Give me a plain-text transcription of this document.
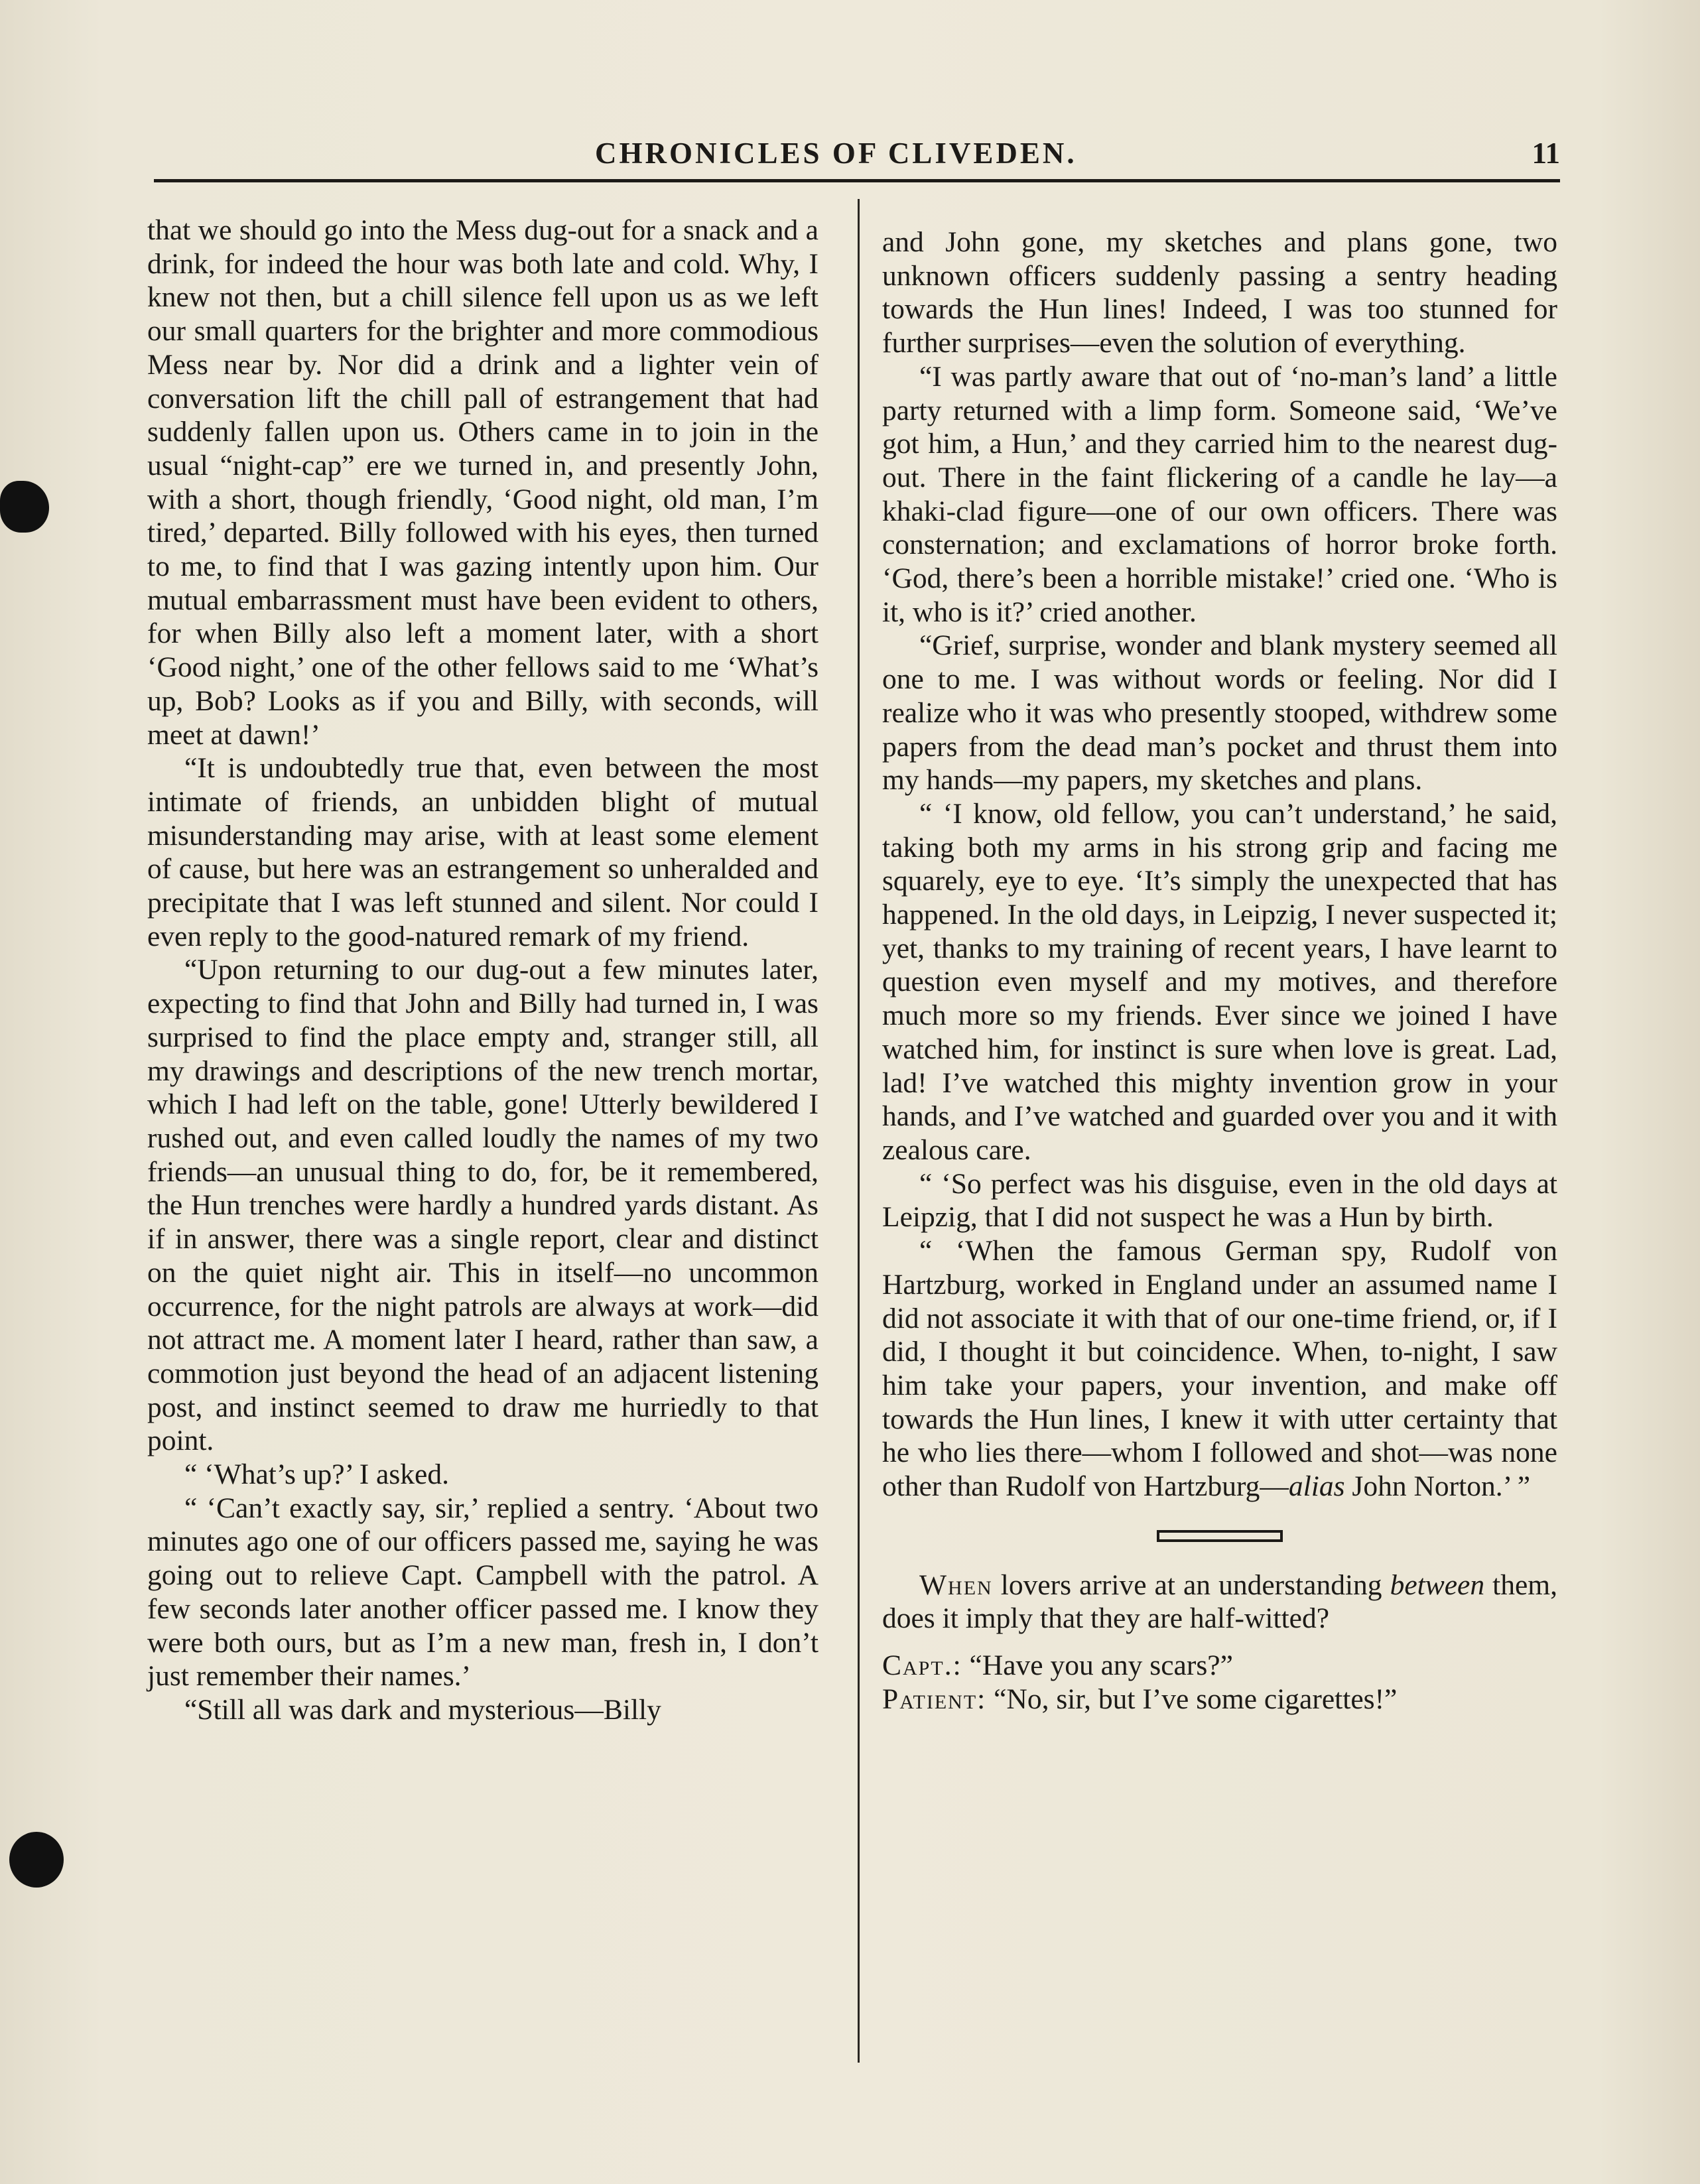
CHRONICLES OF CLIVEDEN.	11

that we should go into the Mess dug-out for a snack and a drink, for indeed the hour was both late and cold. Why, I knew not then, but a chill silence fell upon us as we left our small quarters for the brighter and more commodious Mess near by. Nor did a drink and a lighter vein of conversation lift the chill pall of estrangement that had suddenly fallen upon us. Others came in to join in the usual “night-cap” ere we turned in, and presently John, with a short, though friendly, ‘Good night, old man, I’m tired,’ departed. Billy followed with his eyes, then turned to me, to find that I was gazing intently upon him. Our mutual embarrassment must have been evident to others, for when Billy also left a moment later, with a short ‘Good night,’ one of the other fellows said to me ‘What’s up, Bob? Looks as if you and Billy, with seconds, will meet at dawn!’

“It is undoubtedly true that, even between the most intimate of friends, an unbidden blight of mutual misunderstanding may arise, with at least some element of cause, but here was an estrangement so unheralded and precipitate that I was left stunned and silent. Nor could I even reply to the good-natured remark of my friend.

“Upon returning to our dug-out a few minutes later, expecting to find that John and Billy had turned in, I was surprised to find the place empty and, stranger still, all my drawings and descriptions of the new trench mortar, which I had left on the table, gone! Utterly bewildered I rushed out, and even called loudly the names of my two friends—an unusual thing to do, for, be it remembered, the Hun trenches were hardly a hundred yards distant. As if in answer, there was a single report, clear and distinct on the quiet night air. This in itself—no uncommon occurrence, for the night patrols are always at work—did not attract me. A moment later I heard, rather than saw, a commotion just beyond the head of an adjacent listening post, and instinct seemed to draw me hurriedly to that point.

“ ‘What’s up?’ I asked.

“ ‘Can’t exactly say, sir,’ replied a sentry. ‘About two minutes ago one of our officers passed me, saying he was going out to relieve Capt. Campbell with the patrol. A few seconds later another officer passed me. I know they were both ours, but as I’m a new man, fresh in, I don’t just remember their names.’

“Still all was dark and mysterious—Billy

and John gone, my sketches and plans gone, two unknown officers suddenly passing a sentry heading towards the Hun lines! Indeed, I was too stunned for further surprises—even the solution of everything.

“I was partly aware that out of ‘no-man’s land’ a little party returned with a limp form. Someone said, ‘We’ve got him, a Hun,’ and they carried him to the nearest dug-out. There in the faint flickering of a candle he lay—a khaki-clad figure—one of our own officers. There was consternation; and exclamations of horror broke forth. ‘God, there’s been a horrible mistake!’ cried one. ‘Who is it, who is it?’ cried another.

“Grief, surprise, wonder and blank mystery seemed all one to me. I was without words or feeling. Nor did I realize who it was who presently stooped, withdrew some papers from the dead man’s pocket and thrust them into my hands—my papers, my sketches and plans.

“ ‘I know, old fellow, you can’t understand,’ he said, taking both my arms in his strong grip and facing me squarely, eye to eye. ‘It’s simply the unexpected that has happened. In the old days, in Leipzig, I never suspected it; yet, thanks to my training of recent years, I have learnt to question even myself and my motives, and therefore much more so my friends. Ever since we joined I have watched him, for instinct is sure when love is great. Lad, lad! I’ve watched this mighty invention grow in your hands, and I’ve watched and guarded over you and it with zealous care.

“ ‘So perfect was his disguise, even in the old days at Leipzig, that I did not suspect he was a Hun by birth.

“ ‘When the famous German spy, Rudolf von Hartzburg, worked in England under an assumed name I did not associate it with that of our one-time friend, or, if I did, I thought it but coincidence. When, to-night, I saw him take your papers, your invention, and make off towards the Hun lines, I knew it with utter certainty that he who lies there—whom I followed and shot—was none other than Rudolf von Hartzburg—alias John Norton.’ ”

When lovers arrive at an understanding between them, does it imply that they are half-witted?

Capt.: “Have you any scars?”

Patient: “No, sir, but I’ve some cigarettes!”
